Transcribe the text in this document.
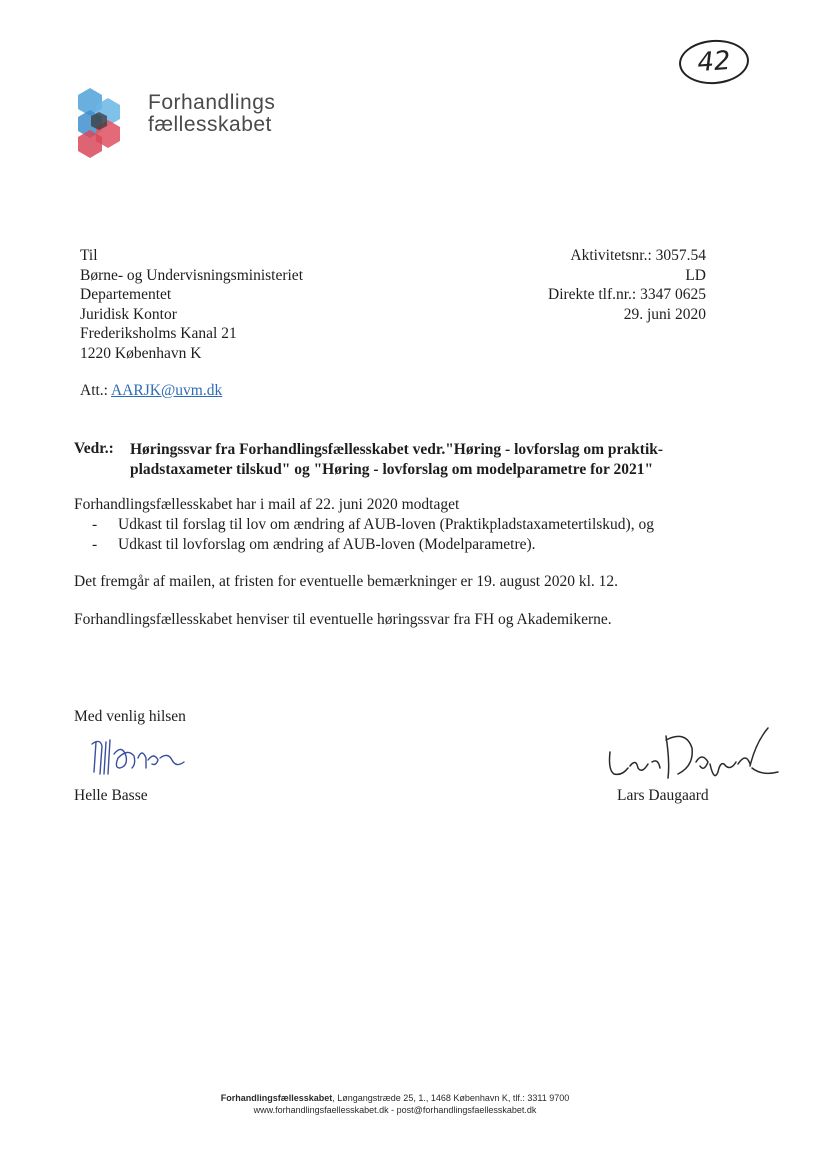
42
Forhandlings
fællesskabet
Til
Børne- og Undervisningsministeriet
Departementet
Juridisk Kontor
Frederiksholms Kanal 21
1220 København K
Aktivitetsnr.: 3057.54
LD
Direkte tlf.nr.: 3347 0625
29. juni 2020
Att.: AARJK@uvm.dk
Vedr.: Høringssvar fra Forhandlingsfællesskabet vedr."Høring - lovforslag om praktik-pladstaxameter tilskud" og "Høring - lovforslag om modelparametre for 2021"
Forhandlingsfællesskabet har i mail af 22. juni 2020 modtaget
- Udkast til forslag til lov om ændring af AUB-loven (Praktikpladstaxametertilskud), og
- Udkast til lovforslag om ændring af AUB-loven (Modelparametre).
Det fremgår af mailen, at fristen for eventuelle bemærkninger er 19. august 2020 kl. 12.
Forhandlingsfællesskabet henviser til eventuelle høringssvar fra FH og Akademikerne.
Med venlig hilsen
Helle Basse	Lars Daugaard
Forhandlingsfællesskabet, Løngangstræde 25, 1., 1468 København K, tlf.: 3311 9700
www.forhandlingsfaellesskabet.dk - post@forhandlingsfaellesskabet.dk
